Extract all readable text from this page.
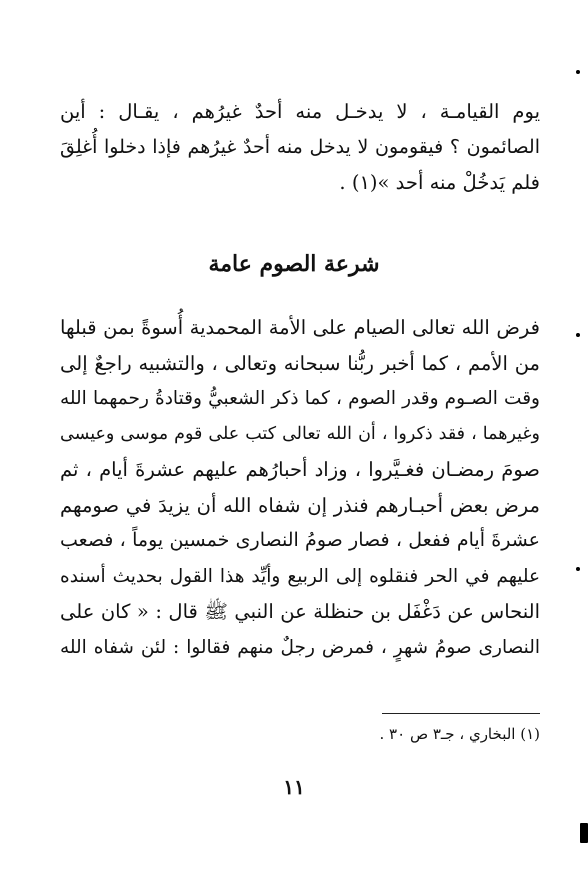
يوم القيامـة ، لا يدخـل منه أحدٌ غيرُهم ، يقـال : أين
الصائمون ؟ فيقومون لا يدخل منه أحدٌ غيرُهم فإذا دخلوا أُغلِقَ
فلم يَدخُلْ منه أحد »(١) .
شرعة الصوم عامة
فرض الله تعالى الصيام على الأمة المحمدية أُسوةً بمن قبلها
من الأمم ، كما أخبر ربُّنا سبحانه وتعالى ، والتشبيه راجعٌ إلى
وقت الصـوم وقدر الصوم ، كما ذكر الشعبيُّ وقتادةُ رحمهما الله
وغيرهما ، فقد ذكروا ، أن الله تعالى كتب على قوم موسى وعيسى
صومَ رمضـان فغـيَّروا ، وزاد أحبارُهم عليهم عشرةَ أيام ، ثم
مرض بعض أحبـارهم فنذر إن شفاه الله أن يزيدَ في صومهم
عشرةَ أيام ففعل ، فصار صومُ النصارى خمسين يوماً ، فصعب
عليهم في الحر فنقلوه إلى الربيع وأيِّد هذا القول بحديث أسنده
النحاس عن دَغْفَل بن حنظلة عن النبي ﷺ قال : « كان على
النصارى صومُ شهرٍ ، فمرض رجلٌ منهم فقالوا : لئن شفاه الله
(١) البخاري ، جـ٣ ص ٣٠ .
١١
